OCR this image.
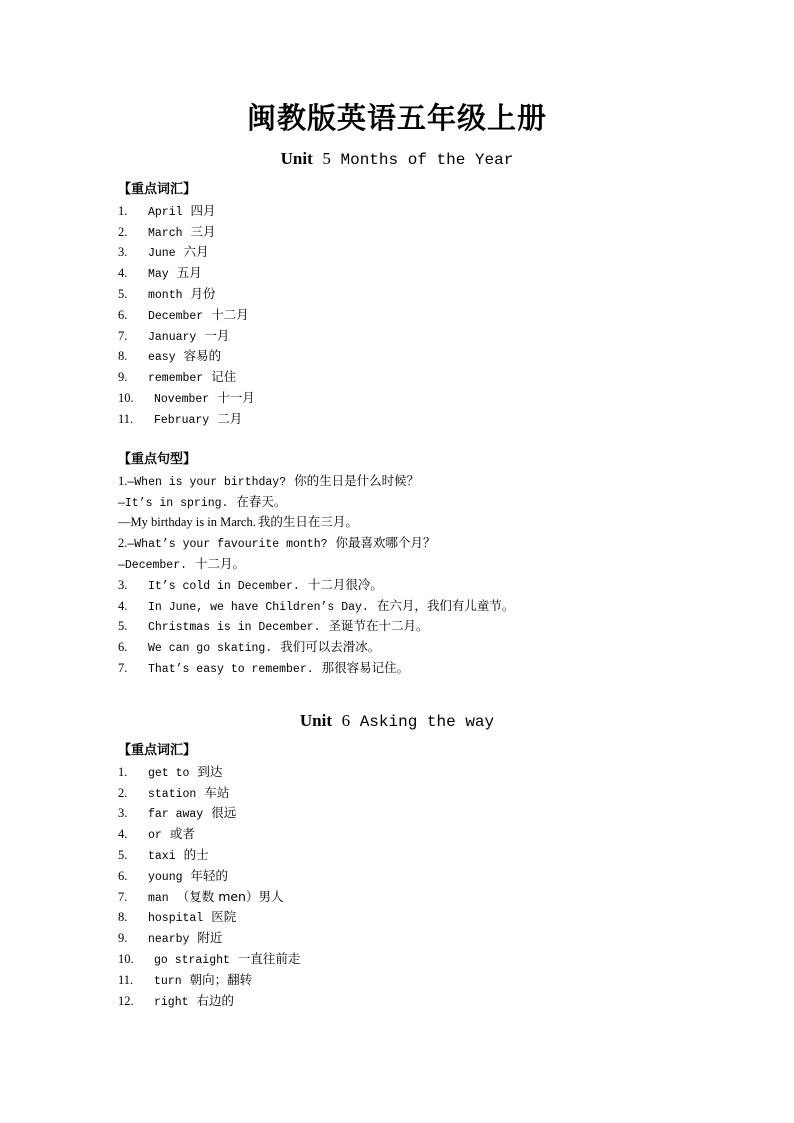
闽教版英语五年级上册
Unit 5 Months of the Year
【重点词汇】
1. April 四月
2. March 三月
3. June 六月
4. May 五月
5. month 月份
6. December 十二月
7. January 一月
8. easy 容易的
9. remember 记住
10. November 十一月
11. February 二月
【重点句型】
1.—When is your birthday? 你的生日是什么时候？
—It’s in spring. 在春天。
—My birthday is in March. 我的生日在三月。
2.—What’s your favourite month? 你最喜欢哪个月？
—December. 十二月。
3. It’s cold in December. 十二月很冷。
4. In June, we have Children’s Day. 在六月，我们有儿童节。
5. Christmas is in December. 圣诞节在十二月。
6. We can go skating. 我们可以去滑冰。
7. That’s easy to remember. 那很容易记住。
Unit 6 Asking the way
【重点词汇】
1. get to 到达
2. station 车站
3. far away 很远
4. or 或者
5. taxi 的士
6. young 年轻的
7. man （复数 men）男人
8. hospital 医院
9. nearby 附近
10. go straight 一直往前走
11. turn 朝向；翻转
12. right 右边的
